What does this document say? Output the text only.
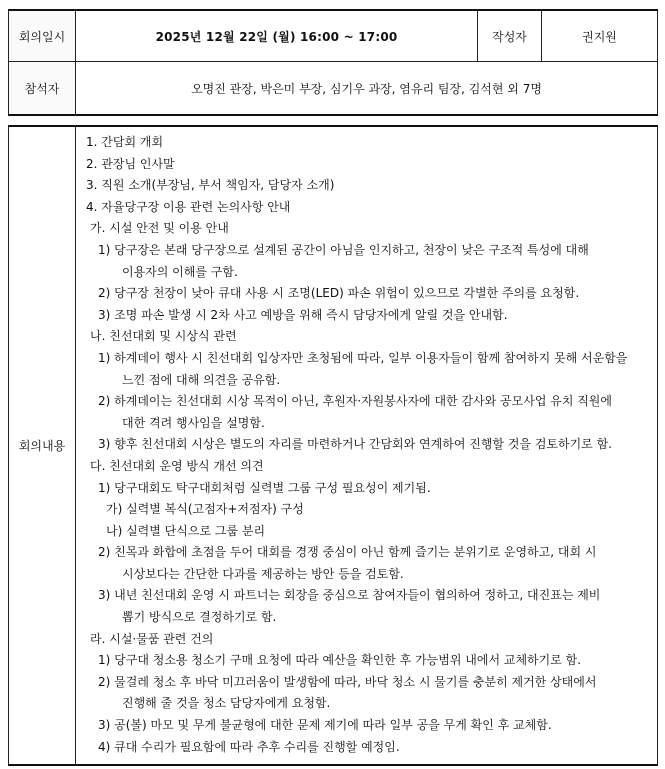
회의일시	2025년 12월 22일 (월) 16:00 ~ 17:00	작성자	권지원
참석자	오명진 관장, 박은미 부장, 심기우 과장, 염유리 팀장, 김석현 외 7명		
회의내용	
1. 간담회 개회
2. 관장님 인사말
3. 직원 소개(부장님, 부서 책임자, 담당자 소개)
4. 자율당구장 이용 관련 논의사항 안내
가. 시설 안전 및 이용 안내
1) 당구장은 본래 당구장으로 설계된 공간이 아님을 인지하고, 천장이 낮은 구조적 특성에 대해
이용자의 이해를 구함.
2) 당구장 천장이 낮아 큐대 사용 시 조명(LED) 파손 위험이 있으므로 각별한 주의를 요청함.
3) 조명 파손 발생 시 2차 사고 예방을 위해 즉시 담당자에게 알릴 것을 안내함.
나. 친선대회 및 시상식 관련
1) 하계데이 행사 시 친선대회 입상자만 초청됨에 따라, 일부 이용자들이 함께 참여하지 못해 서운함을
느낀 점에 대해 의견을 공유함.
2) 하계데이는 친선대회 시상 목적이 아닌, 후원자·자원봉사자에 대한 감사와 공모사업 유치 직원에
대한 격려 행사임을 설명함.
3) 향후 친선대회 시상은 별도의 자리를 마련하거나 간담회와 연계하여 진행할 것을 검토하기로 함.
다. 친선대회 운영 방식 개선 의견
1) 당구대회도 탁구대회처럼 실력별 그룹 구성 필요성이 제기됨.
가) 실력별 복식(고점자+저점자) 구성
나) 실력별 단식으로 그룹 분리
2) 친목과 화합에 초점을 두어 대회를 경쟁 중심이 아닌 함께 즐기는 분위기로 운영하고, 대회 시
시상보다는 간단한 다과를 제공하는 방안 등을 검토함.
3) 내년 친선대회 운영 시 파트너는 회장을 중심으로 참여자들이 협의하여 정하고, 대진표는 제비
뽑기 방식으로 결정하기로 함.
라. 시설·물품 관련 건의
1) 당구대 청소용 청소기 구매 요청에 따라 예산을 확인한 후 가능범위 내에서 교체하기로 함.
2) 물걸레 청소 후 바닥 미끄러움이 발생함에 따라, 바닥 청소 시 물기를 충분히 제거한 상태에서
진행해 줄 것을 청소 담당자에게 요청함.
3) 공(볼) 마모 및 무게 불균형에 대한 문제 제기에 따라 일부 공을 무게 확인 후 교체함.
4) 큐대 수리가 필요함에 따라 추후 수리를 진행할 예정임.
